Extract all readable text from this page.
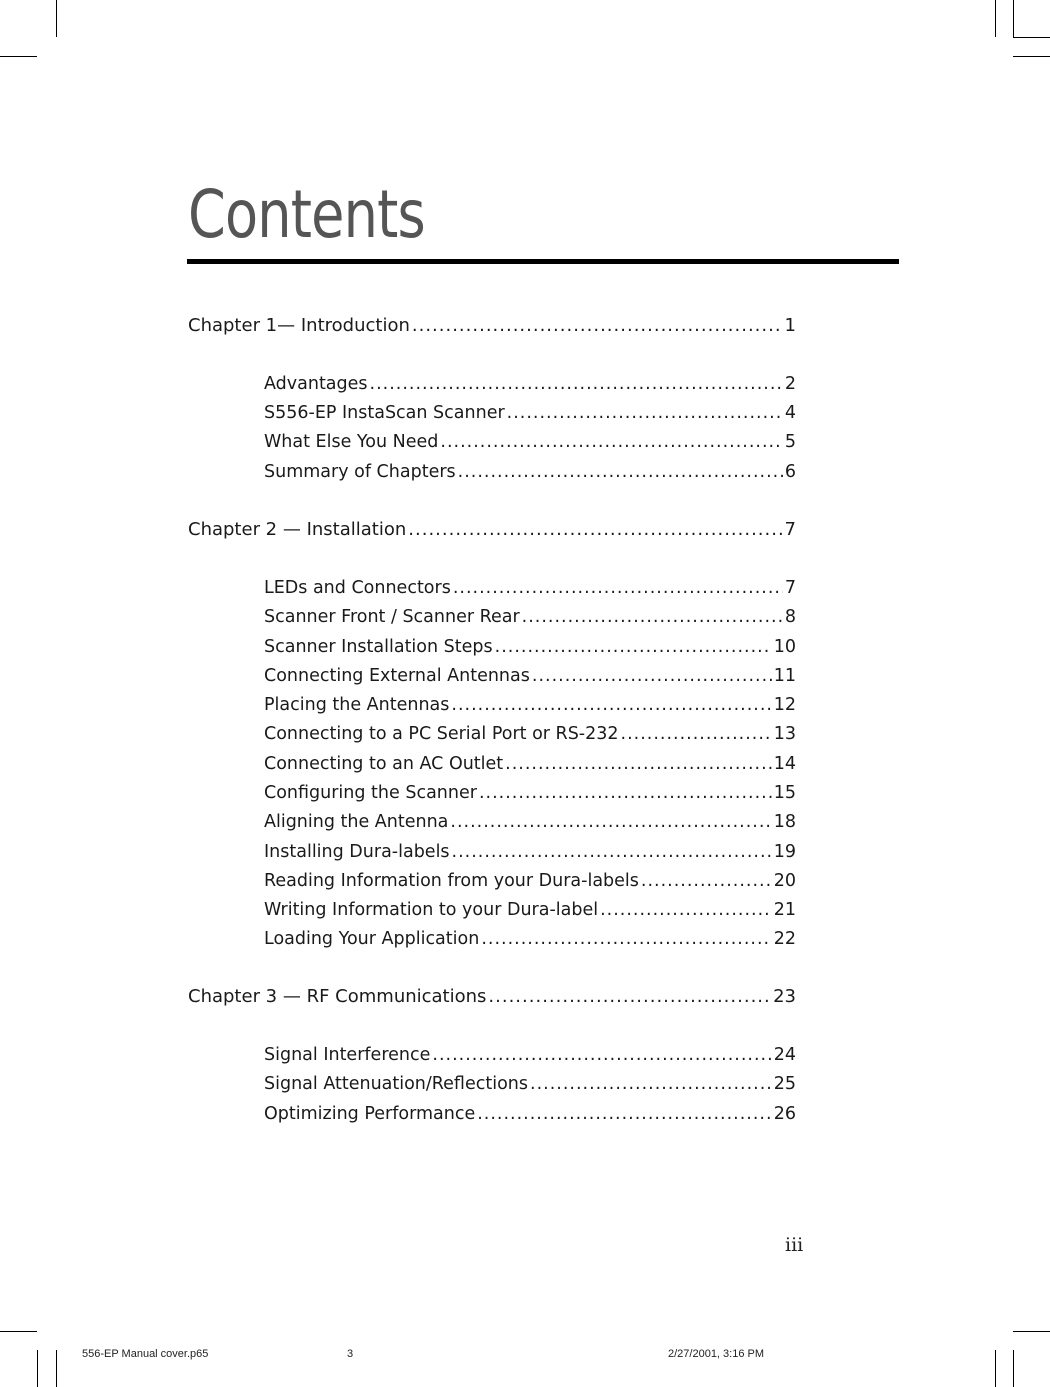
Contents
Chapter 1— Introduction .....	1
Advantages .....	2
S556-EP InstaScan Scanner .....	4
What Else You Need .....	5
Summary of Chapters .....	6
Chapter 2 — Installation .....	7
LEDs and Connectors .....	7
Scanner Front / Scanner Rear .....	8
Scanner Installation Steps .....	10
Connecting External Antennas .....	11
Placing the Antennas .....	12
Connecting to a PC Serial Port or RS-232 .....	13
Connecting to an AC Outlet .....	14
Configuring the Scanner .....	15
Aligning the Antenna .....	18
Installing Dura-labels .....	19
Reading Information from your Dura-labels .....	20
Writing Information to your Dura-label .....	21
Loading Your Application .....	22
Chapter 3 — RF Communications .....	23
Signal Interference .....	24
Signal Attenuation/Reflections .....	25
Optimizing Performance .....	26
iii
556-EP Manual cover.p65	3	2/27/2001, 3:16 PM
